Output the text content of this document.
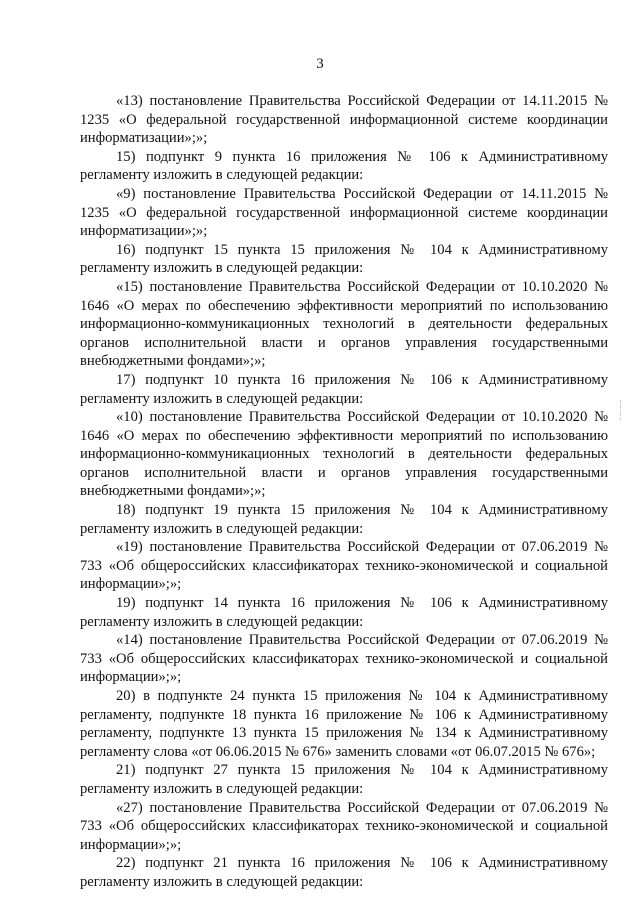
3

«13) постановление Правительства Российской Федерации от 14.11.2015 № 1235 «О федеральной государственной информационной системе координации информатизации»;»;

15) подпункт 9 пункта 16 приложения № 106 к Административному регламенту изложить в следующей редакции:

«9) постановление Правительства Российской Федерации от 14.11.2015 № 1235 «О федеральной государственной информационной системе координации информатизации»;»;

16) подпункт 15 пункта 15 приложения № 104 к Административному регламенту изложить в следующей редакции:

«15) постановление Правительства Российской Федерации от 10.10.2020 № 1646 «О мерах по обеспечению эффективности мероприятий по использованию информационно-коммуникационных технологий в деятельности федеральных органов исполнительной власти и органов управления государственными внебюджетными фондами»;»;

17) подпункт 10 пункта 16 приложения № 106 к Административному регламенту изложить в следующей редакции:

«10) постановление Правительства Российской Федерации от 10.10.2020 № 1646 «О мерах по обеспечению эффективности мероприятий по использованию информационно-коммуникационных технологий в деятельности федеральных органов исполнительной власти и органов управления государственными внебюджетными фондами»;»;

18) подпункт 19 пункта 15 приложения № 104 к Административному регламенту изложить в следующей редакции:

«19) постановление Правительства Российской Федерации от 07.06.2019 № 733 «Об общероссийских классификаторах технико-экономической и социальной информации»;»;

19) подпункт 14 пункта 16 приложения № 106 к Административному регламенту изложить в следующей редакции:

«14) постановление Правительства Российской Федерации от 07.06.2019 № 733 «Об общероссийских классификаторах технико-экономической и социальной информации»;»;

20) в подпункте 24 пункта 15 приложения № 104 к Административному регламенту, подпункте 18 пункта 16 приложение № 106 к Административному регламенту, подпункте 13 пункта 15 приложения № 134 к Административному регламенту слова «от 06.06.2015 № 676» заменить словами «от 06.07.2015 № 676»;

21) подпункт 27 пункта 15 приложения № 104 к Административному регламенту изложить в следующей редакции:

«27) постановление Правительства Российской Федерации от 07.06.2019 № 733 «Об общероссийских классификаторах технико-экономической и социальной информации»;»;

22) подпункт 21 пункта 16 приложения № 106 к Административному регламенту изложить в следующей редакции:
